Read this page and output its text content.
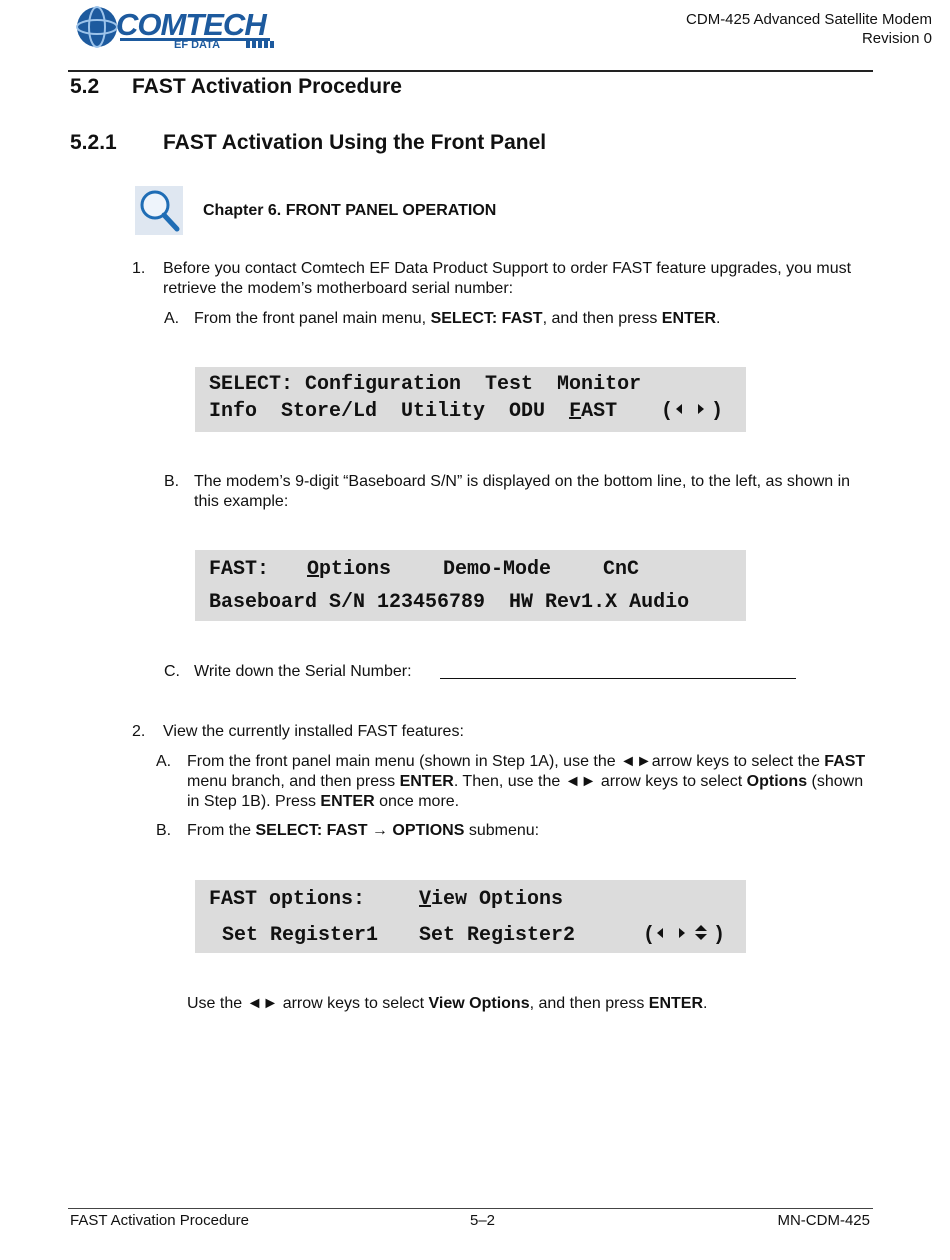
COMTECH
EF DATA
CDM-425 Advanced Satellite Modem
Revision 0
5.2 FAST Activation Procedure
5.2.1 FAST Activation Using the Front Panel
Chapter 6. FRONT PANEL OPERATION
1. Before you contact Comtech EF Data Product Support to order FAST feature upgrades, you must retrieve the modem’s motherboard serial number:
A. From the front panel main menu, SELECT: FAST, and then press ENTER.
SELECT: Configuration  Test  Monitor
Info  Store/Ld  Utility  ODU  FAST ( )
B. The modem’s 9-digit “Baseboard S/N” is displayed on the bottom line, to the left, as shown in this example:
FAST: Options	Demo-Mode	CnC
Baseboard S/N 123456789  HW Rev1.X Audio
C. Write down the Serial Number:
2. View the currently installed FAST features:
A. From the front panel main menu (shown in Step 1A), use the ◄►arrow keys to select the FAST menu branch, and then press ENTER. Then, use the ◄► arrow keys to select Options (shown in Step 1B). Press ENTER once more.
B. From the SELECT: FAST → OPTIONS submenu:
FAST options:	View Options
Set Register1 Set Register2	(	)
Use the ◄► arrow keys to select View Options, and then press ENTER.
FAST Activation Procedure	5–2	MN-CDM-425
